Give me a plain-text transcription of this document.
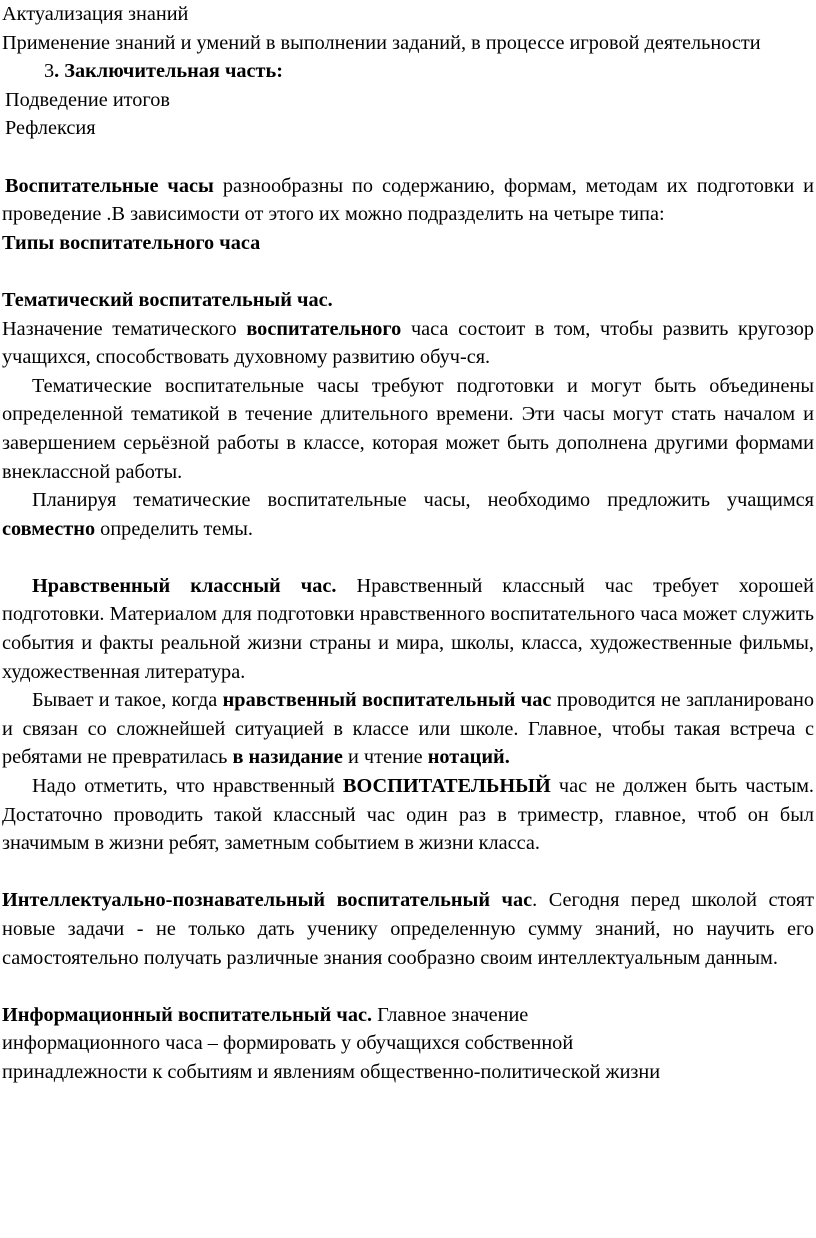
Актуализация знаний

Применение знаний и умений в выполнении заданий, в процессе игровой деятельности

3. Заключительная часть:

Подведение итогов

Рефлексия

Воспитательные часы разнообразны по содержанию, формам, методам их подготовки и проведение .В зависимости от этого их можно подразделить на четыре типа:

Типы воспитательного часа

Тематический воспитательный час.

Назначение тематического воспитательного часа состоит в том, чтобы развить кругозор учащихся, способствовать духовному развитию обуч-ся.

Тематические воспитательные часы требуют подготовки и могут быть объединены определенной тематикой в течение длительного времени. Эти часы могут стать началом и завершением серьёзной работы в классе, которая может быть дополнена другими формами внеклассной работы.

Планируя тематические воспитательные часы, необходимо предложить учащимся совместно определить темы.

Нравственный классный час. Нравственный классный час требует хорошей подготовки. Материалом для подготовки нравственного воспитательного часа может служить события и факты реальной жизни страны и мира, школы, класса, художественные фильмы, художественная литература.

Бывает и такое, когда нравственный воспитательный час проводится не запланировано и связан со сложнейшей ситуацией в классе или школе. Главное, чтобы такая встреча с ребятами не превратилась в назидание и чтение нотаций.

Надо отметить, что нравственный ВОСПИТАТЕЛЬНЫЙ час не должен быть частым. Достаточно проводить такой классный час один раз в триместр, главное, чтоб он был значимым в жизни ребят, заметным событием в жизни класса.

Интеллектуально-познавательный воспитательный час. Сегодня перед школой стоят новые задачи - не только дать ученику определенную сумму знаний, но научить его самостоятельно получать различные знания сообразно своим интеллектуальным данным.

Информационный воспитательный час. Главное значение

информационного часа – формировать у обучащихся собственной

принадлежности к событиям и явлениям общественно-политической жизни
